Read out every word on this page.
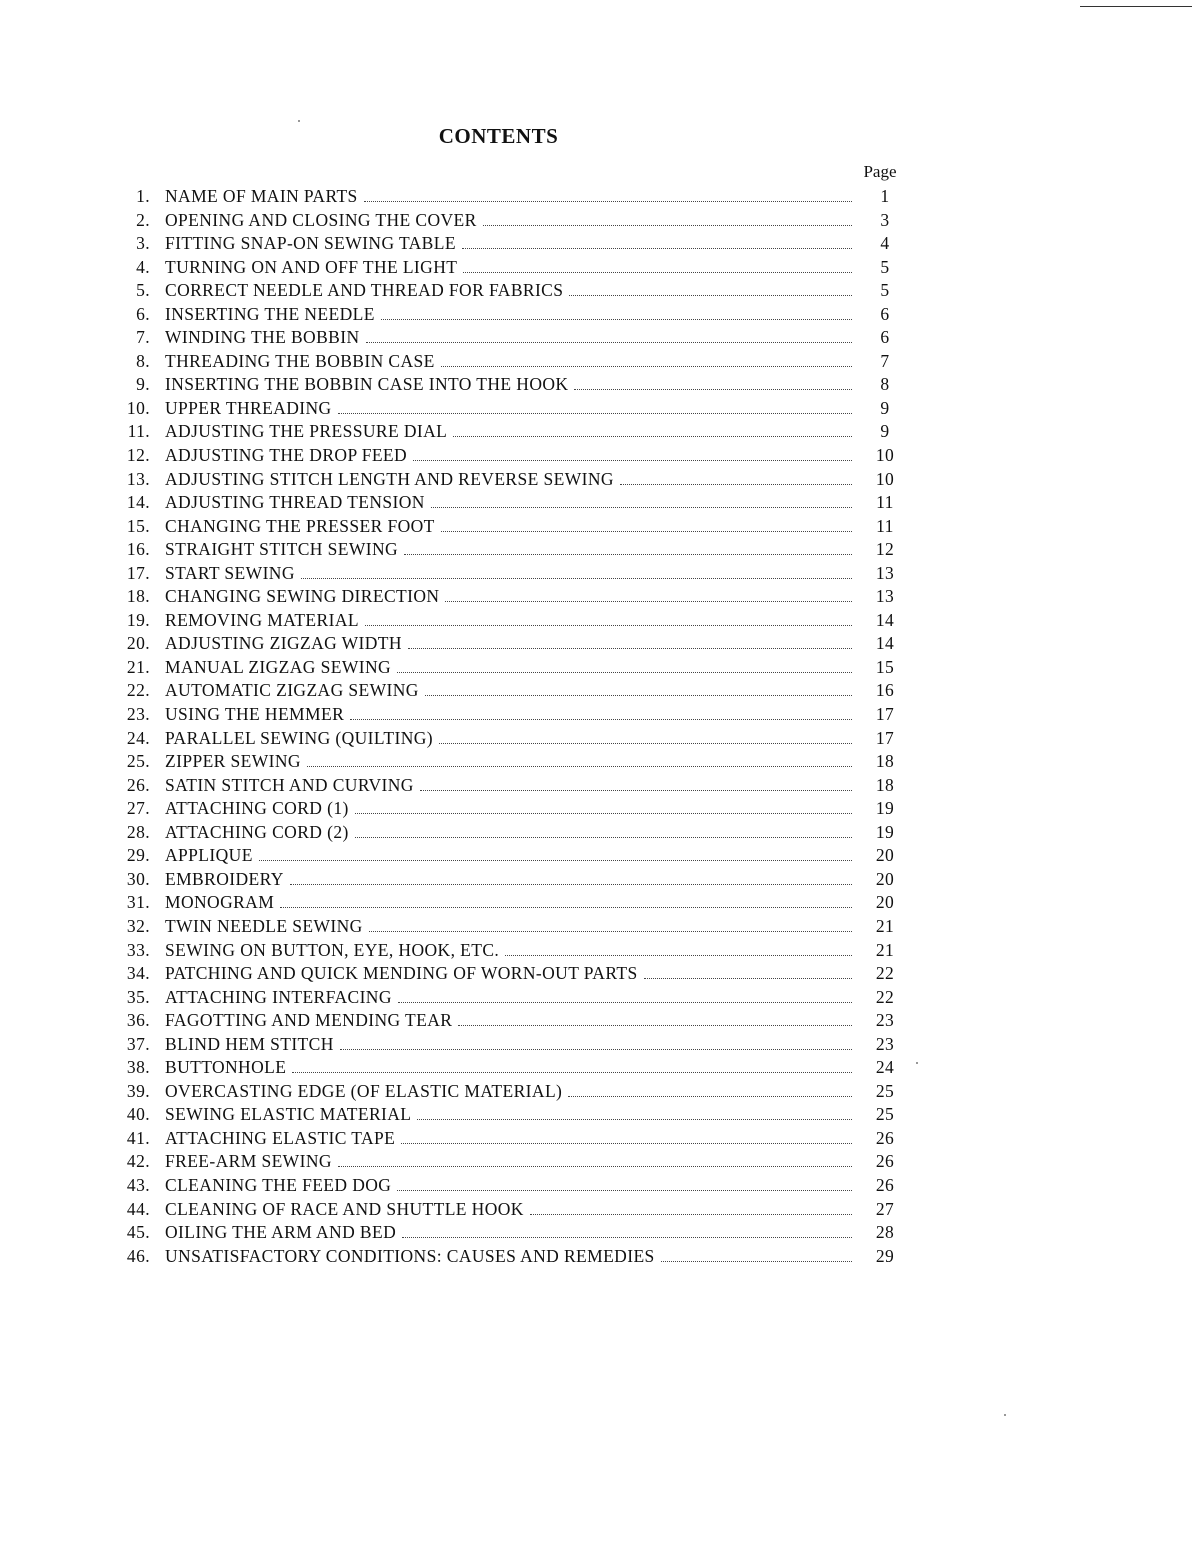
CONTENTS
Page
1. NAME OF MAIN PARTS	1
2. OPENING AND CLOSING THE COVER	3
3. FITTING SNAP-ON SEWING TABLE	4
4. TURNING ON AND OFF THE LIGHT	5
5. CORRECT NEEDLE AND THREAD FOR FABRICS	5
6. INSERTING THE NEEDLE	6
7. WINDING THE BOBBIN	6
8. THREADING THE BOBBIN CASE	7
9. INSERTING THE BOBBIN CASE INTO THE HOOK	8
10. UPPER THREADING	9
11. ADJUSTING THE PRESSURE DIAL	9
12. ADJUSTING THE DROP FEED	10
13. ADJUSTING STITCH LENGTH AND REVERSE SEWING	10
14. ADJUSTING THREAD TENSION	11
15. CHANGING THE PRESSER FOOT	11
16. STRAIGHT STITCH SEWING	12
17. START SEWING	13
18. CHANGING SEWING DIRECTION	13
19. REMOVING MATERIAL	14
20. ADJUSTING ZIGZAG WIDTH	14
21. MANUAL ZIGZAG SEWING	15
22. AUTOMATIC ZIGZAG SEWING	16
23. USING THE HEMMER	17
24. PARALLEL SEWING (QUILTING)	17
25. ZIPPER SEWING	18
26. SATIN STITCH AND CURVING	18
27. ATTACHING CORD (1)	19
28. ATTACHING CORD (2)	19
29. APPLIQUE	20
30. EMBROIDERY	20
31. MONOGRAM	20
32. TWIN NEEDLE SEWING	21
33. SEWING ON BUTTON, EYE, HOOK, ETC.	21
34. PATCHING AND QUICK MENDING OF WORN-OUT PARTS	22
35. ATTACHING INTERFACING	22
36. FAGOTTING AND MENDING TEAR	23
37. BLIND HEM STITCH	23
38. BUTTONHOLE	24
39. OVERCASTING EDGE (OF ELASTIC MATERIAL)	25
40. SEWING ELASTIC MATERIAL	25
41. ATTACHING ELASTIC TAPE	26
42. FREE-ARM SEWING	26
43. CLEANING THE FEED DOG	26
44. CLEANING OF RACE AND SHUTTLE HOOK	27
45. OILING THE ARM AND BED	28
46. UNSATISFACTORY CONDITIONS: CAUSES AND REMEDIES	29
